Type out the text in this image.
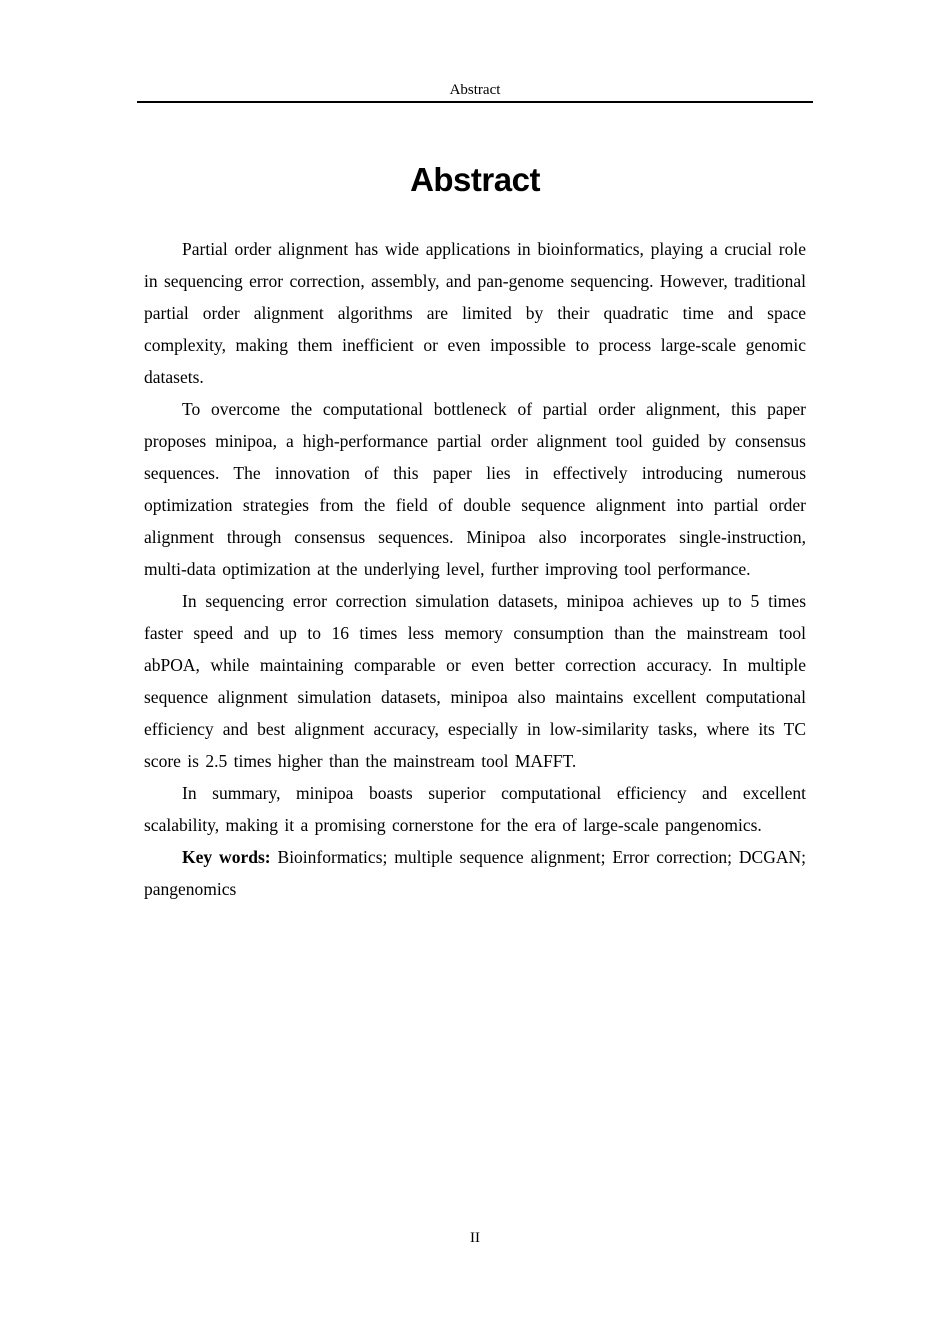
Abstract
Abstract

Partial order alignment has wide applications in bioinformatics, playing a crucial role in sequencing error correction, assembly, and pan-genome sequencing. However, traditional partial order alignment algorithms are limited by their quadratic time and space complexity, making them inefficient or even impossible to process large-scale genomic datasets.

To overcome the computational bottleneck of partial order alignment, this paper proposes minipoa, a high-performance partial order alignment tool guided by consensus sequences. The innovation of this paper lies in effectively introducing numerous optimization strategies from the field of double sequence alignment into partial order alignment through consensus sequences. Minipoa also incorporates single-instruction, multi-data optimization at the underlying level, further improving tool performance.

In sequencing error correction simulation datasets, minipoa achieves up to 5 times faster speed and up to 16 times less memory consumption than the mainstream tool abPOA, while maintaining comparable or even better correction accuracy. In multiple sequence alignment simulation datasets, minipoa also maintains excellent computational efficiency and best alignment accuracy, especially in low-similarity tasks, where its TC score is 2.5 times higher than the mainstream tool MAFFT.

In summary, minipoa boasts superior computational efficiency and excellent scalability, making it a promising cornerstone for the era of large-scale pangenomics.

Key words: Bioinformatics; multiple sequence alignment; Error correction; DCGAN; pangenomics

II
